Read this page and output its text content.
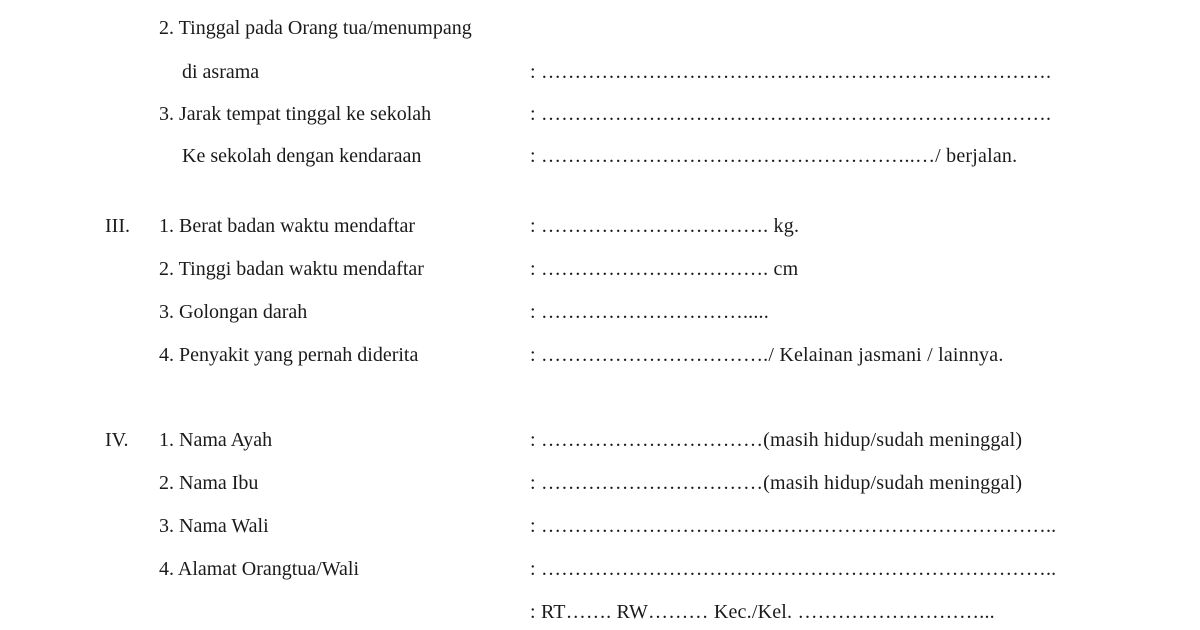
2. Tinggal pada Orang tua/menumpang
di asrama	: ………………………………………………………………….
3. Jarak tempat tinggal ke sekolah	: ………………………………………………………………….
Ke sekolah dengan kendaraan	: ………………………………………………..…/ berjalan.
III. 1. Berat badan waktu mendaftar	: ……………………………. kg.
2. Tinggi badan waktu mendaftar	: ……………………………. cm
3. Golongan darah	: ………………………….....
4. Penyakit yang pernah diderita	: ……………………………./ Kelainan jasmani / lainnya.
IV. 1. Nama Ayah	: ……………………………(masih hidup/sudah meninggal)
2. Nama Ibu	: ……………………………(masih hidup/sudah meninggal)
3. Nama Wali	: …………………………………………………………………..
4. Alamat Orangtua/Wali	: …………………………………………………………………..
: RT……. RW……… Kec./Kel. ………………………...
